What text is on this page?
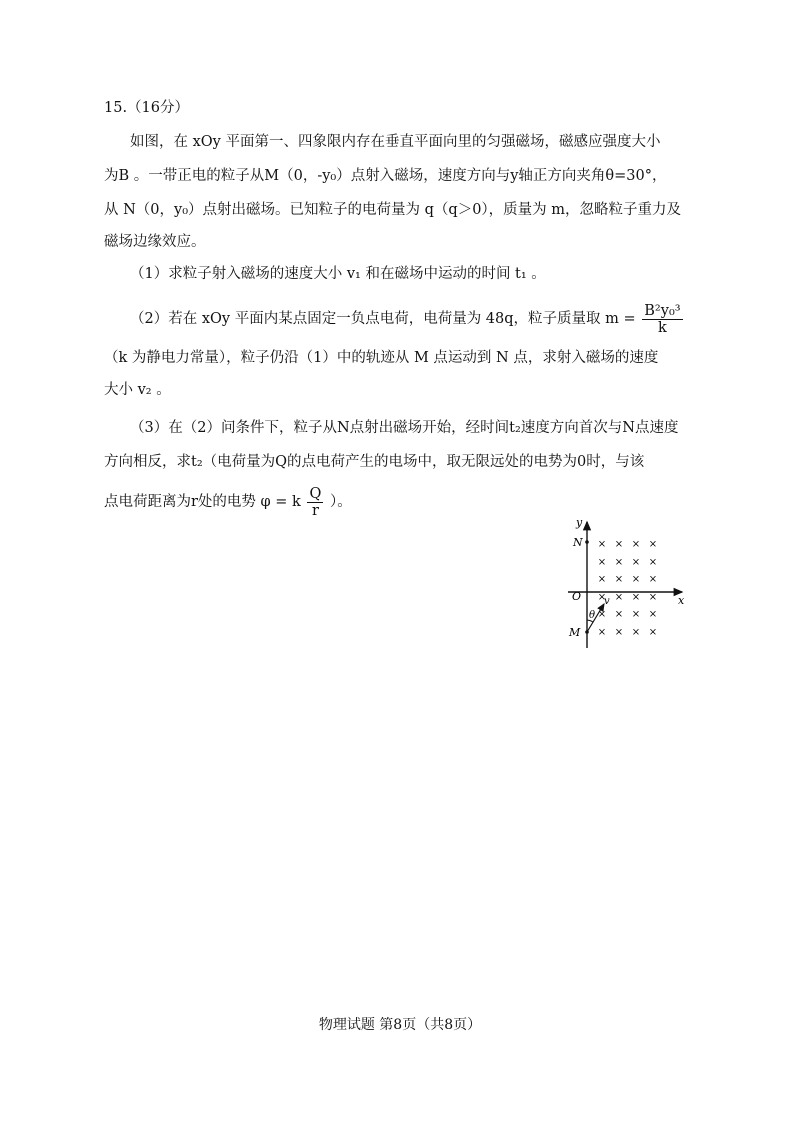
15.（16分）
如图，在 xOy 平面第一、四象限内存在垂直平面向里的匀强磁场，磁感应强度大小
为B 。一带正电的粒子从M（0，-y₀）点射入磁场，速度方向与y轴正方向夹角θ=30°，
从 N（0，y₀）点射出磁场。已知粒子的电荷量为 q（q＞0），质量为 m，忽略粒子重力及
磁场边缘效应。
（1）求粒子射入磁场的速度大小 v₁ 和在磁场中运动的时间 t₁ 。
（2）若在 xOy 平面内某点固定一负点电荷，电荷量为 48q，粒子质量取 $m = \frac{\text{B²y₀³}}{k}$
（k 为静电力常量），粒子仍沿（1）中的轨迹从 M 点运动到 N 点，求射入磁场的速度
大小 v₂ 。
（3）在（2）问条件下，粒子从N点射出磁场开始，经时间t₂速度方向首次与N点速度
方向相反，求t₂（电荷量为Q的点电荷产生的电场中，取无限远处的电势为0时，与该
点电荷距离为r处的电势 φ = k $\frac{Q}{r}$ ）。
y
x
O
N
M
θ
v
× × × ×
× × × ×
× × × ×
× × × ×
× × × ×
× × × ×
物理试题 第8页（共8页）
